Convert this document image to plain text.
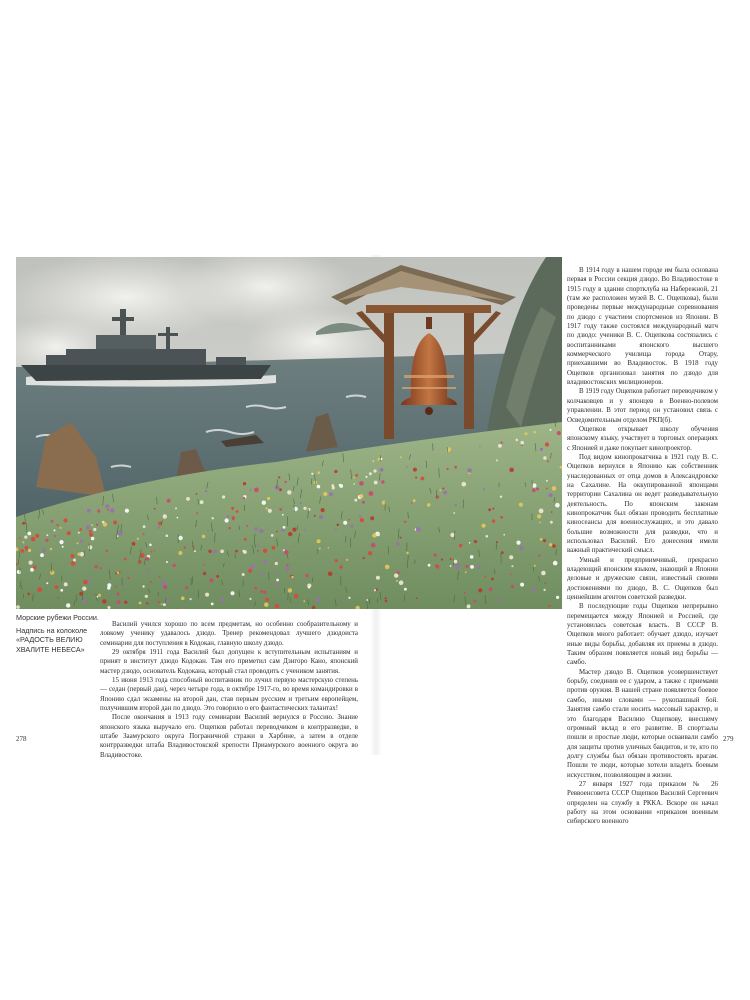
Морские рубежи России.
Надпись на колоколе
«РАДОСТЬ ВЕЛИЮ
ХВАЛИТЕ НЕБЕСА»

Василий учился хорошо по всем предметам, но особенно сообразительному и ловкому ученику удавалось дзюдо. Тренер рекомендовал лучшего дзюдоиста семинарии для поступления в Кодокан, главную школу дзюдо.

29 октября 1911 года Василий был допущен к вступительным испытаниям и принят в институт дзюдо Кодокан. Там его приметил сам Дзигоро Кано, японский мастер дзюдо, основатель Кодокана, который стал проводить с учеником занятия.

15 июня 1913 года способный воспитанник по лучил первую мастерскую степень — седан (первый дан), через четыре года, в октябре 1917-го, во время командировки в Японию сдал экзамены на второй дан, став первым русским и третьим европейцем, получившим второй дан по дзюдо. Это говорило о его фантастических талантах!

После окончания в 1913 году семинарии Василий вернулся в Россию. Знание японского языка выручало его. Ощепков работал переводчиком в контрразведке, в штабе Заамурского округа Пограничной стражи в Харбине, а затем в отделе контрразведки штаба Владивостокской крепости Приамурского военного округа во Владивостоке.

В 1914 году в нашем городе им была основана первая в России секция дзюдо. Во Владивостоке в 1915 году в здании спортклуба на Набережной, 21 (там же расположен музей В. С. Ощепкова), были проведены первые международные соревнования по дзюдо с участием спортсменов из Японии. В 1917 году также состоялся международный матч по дзюдо: ученики В. С. Ощепкова состязались с воспитанниками японского высшего коммерческого училища города Отару, приехавшими во Владивосток. В 1918 году Ощепков организовал занятия по дзюдо для владивостокских милиционеров.

В 1919 году Ощепков работает переводчиком у колчаковцев и у японцев в Военно-полевом управлении. В этот период он установил связь с Осведомительным отделом РКП(б).

Ощепков открывает школу обучения японскому языку, участвует в торговых операциях с Японией и даже покупает кинопроектор.

Под видом кинопрокатчика в 1921 году В. С. Ощепков вернулся в Японию как собственник унаследованных от отца домов в Александровске на Сахалине. На оккупированной японцами территории Сахалина он ведет разведывательную деятельность. По японским законам кинопрокатчик был обязан проводить бесплатные киносеансы для военнослужащих, и это давало большие возможности для разведки, что и использовал Василий. Его донесения имели важный практический смысл.

Умный и предприимчивый, прекрасно владеющий японским языком, знающий в Японии деловые и дружеские связи, известный своими достижениями по дзюдо, В. С. Ощепков был ценнейшим агентом советской разведки.

В последующие годы Ощепков непрерывно перемещается между Японией и Россией, где установилась советская власть. В СССР В. Ощепков много работает: обучает дзюдо, изучает иные виды борьбы, добавляя их приемы в дзюдо. Таким образом появляется новый вид борьбы — самбо.

Мастер дзюдо В. Ощепков усовершенствует борьбу, соединив ее с ударом, а также с приемами против оружия. В нашей стране появляется боевое самбо, иными словами — рукопашный бой. Занятия самбо стали носить массовый характер, и это благодаря Василию Ощепкову, внесшему огромный вклад в его развитие. В спортзалы пошли и простые люди, которые осваивали самбо для защиты против уличных бандитов, и те, кто по долгу службы был обязан противостоять врагам. Пошли те люди, которые хотели владеть боевым искусством, позволяющим в жизни.

27 января 1927 года приказом № 26 Реввоенсовета СССР Ощепков Василий Сергеевич определен на службу в РККА. Вскоре он начал работу на этом основании «приказом военным сибирского военного

278	279
